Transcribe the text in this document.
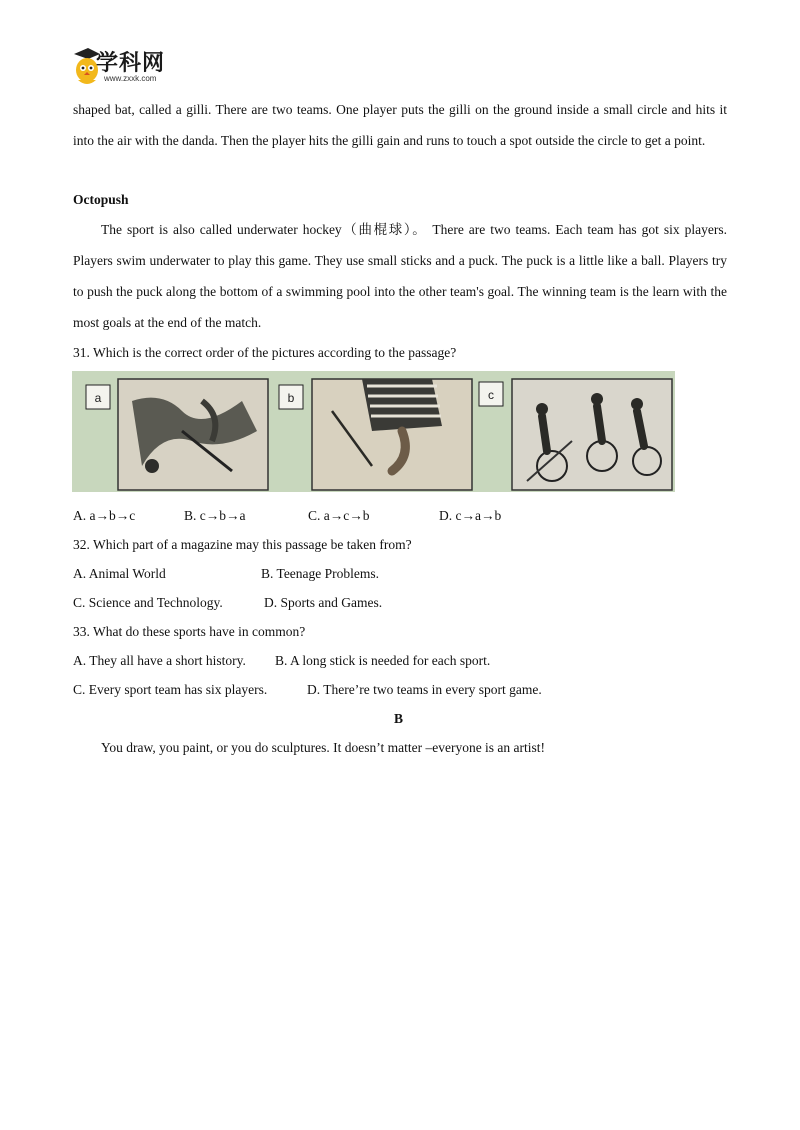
学科网
www.zxxk.com
shaped bat, called a gilli. There are two teams. One player puts the gilli on the ground inside a small circle and hits it into the air with the danda. Then the player hits the gilli gain and runs to touch a spot outside the circle to get a point.
Octopush
The sport is also called underwater hockey（曲棍球）。 There are two teams. Each team has got six players. Players swim underwater to play this game. They use small sticks and a puck. The puck is a little like a ball. Players try to push the puck along the bottom of a swimming pool into the other team's goal. The winning team is the learn with the most goals at the end of the match.
31. Which is the correct order of the pictures according to the passage?
a	b	c
A. a→b→c	B. c→b→a	C. a→c→b	D. c→a→b
32. Which part of a magazine may this passage be taken from?
A. Animal World	B. Teenage Problems.
C. Science and Technology.	D. Sports and Games.
33. What do these sports have in common?
A. They all have a short history. B. A long stick is needed for each sport.
C. Every sport team has six players.	D. There’re two teams in every sport game.
B
You draw, you paint, or you do sculptures. It doesn’t matter –everyone is an artist!
